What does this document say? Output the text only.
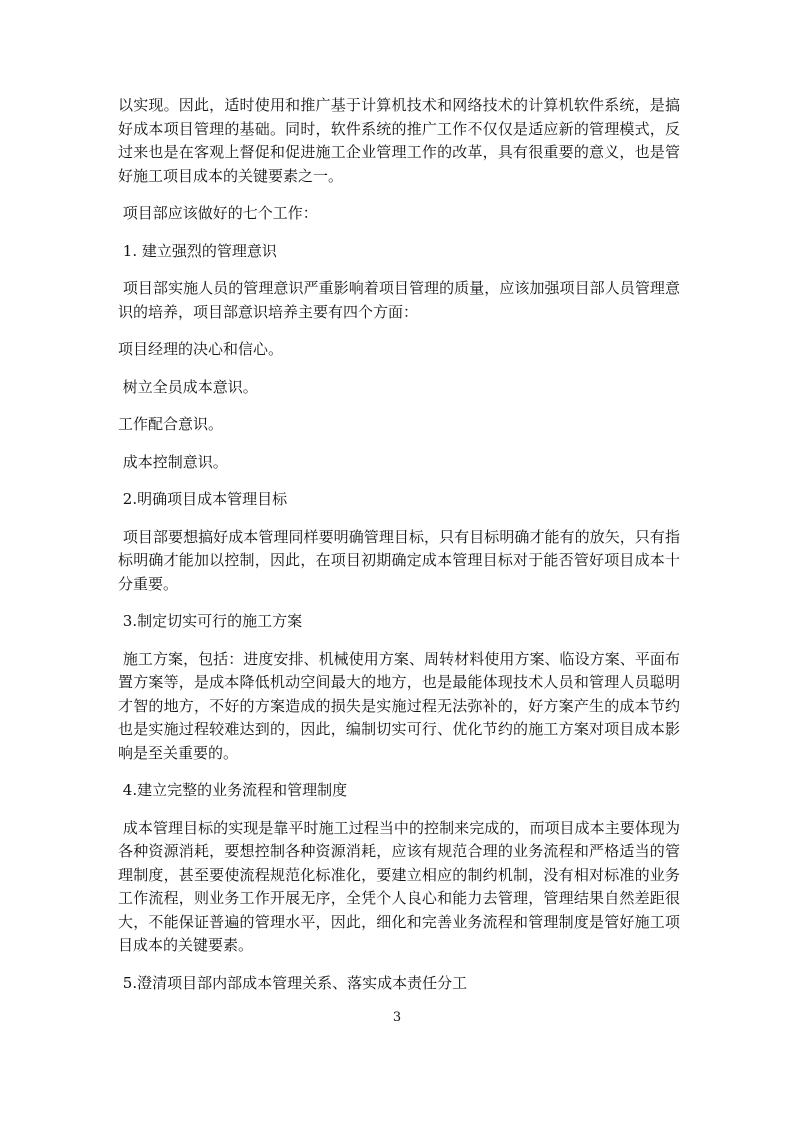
以实现。因此，适时使用和推广基于计算机技术和网络技术的计算机软件系统，是搞好成本项目管理的基础。同时，软件系统的推广工作不仅仅是适应新的管理模式，反过来也是在客观上督促和促进施工企业管理工作的改革，具有很重要的意义，也是管好施工项目成本的关键要素之一。

项目部应该做好的七个工作：

1. 建立强烈的管理意识

项目部实施人员的管理意识严重影响着项目管理的质量，应该加强项目部人员管理意识的培养，项目部意识培养主要有四个方面：

项目经理的决心和信心。

树立全员成本意识。

工作配合意识。

成本控制意识。

2.明确项目成本管理目标

项目部要想搞好成本管理同样要明确管理目标，只有目标明确才能有的放矢，只有指标明确才能加以控制，因此，在项目初期确定成本管理目标对于能否管好项目成本十分重要。

3.制定切实可行的施工方案

施工方案，包括：进度安排、机械使用方案、周转材料使用方案、临设方案、平面布置方案等，是成本降低机动空间最大的地方，也是最能体现技术人员和管理人员聪明才智的地方，不好的方案造成的损失是实施过程无法弥补的，好方案产生的成本节约也是实施过程较难达到的，因此，编制切实可行、优化节约的施工方案对项目成本影响是至关重要的。

4.建立完整的业务流程和管理制度

成本管理目标的实现是靠平时施工过程当中的控制来完成的，而项目成本主要体现为各种资源消耗，要想控制各种资源消耗，应该有规范合理的业务流程和严格适当的管理制度，甚至要使流程规范化标准化，要建立相应的制约机制，没有相对标准的业务工作流程，则业务工作开展无序，全凭个人良心和能力去管理，管理结果自然差距很大，不能保证普遍的管理水平，因此，细化和完善业务流程和管理制度是管好施工项目成本的关键要素。

5.澄清项目部内部成本管理关系、落实成本责任分工

3
